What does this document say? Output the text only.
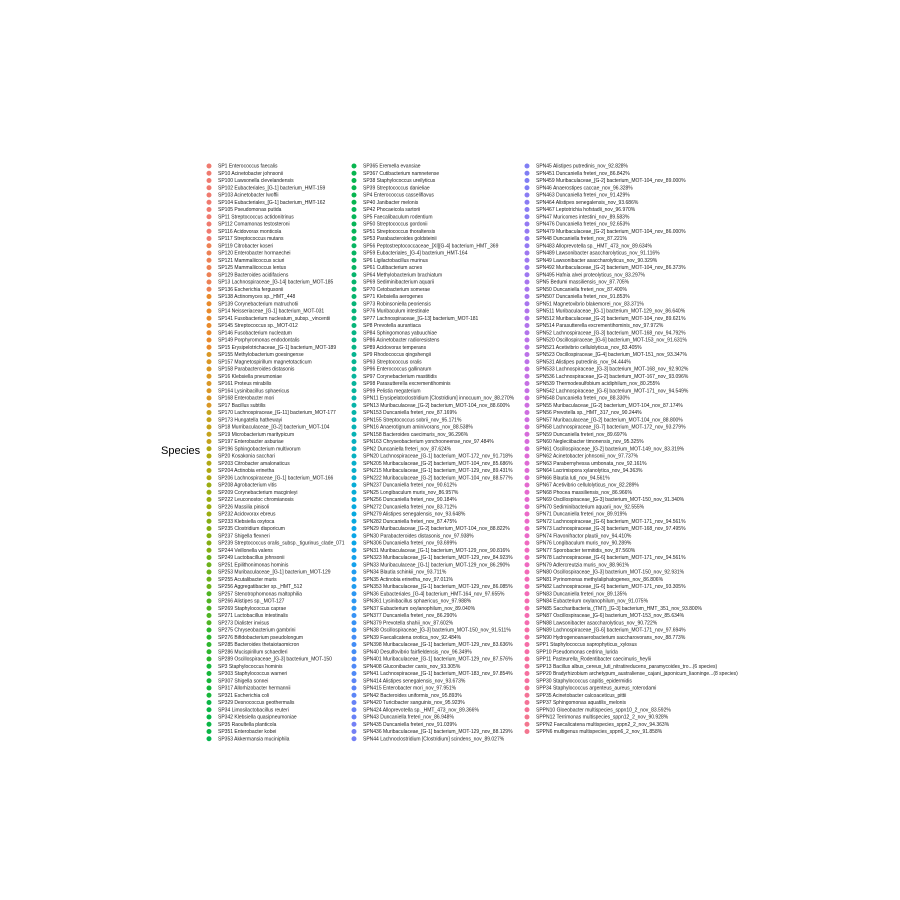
Species
SP1 Enterococcus faecalis
SP10 Acinetobacter johnsonii
SP100 Lawsonella clevelandensis
SP102 Eubacteriales_[G-1] bacterium_HMT-159
SP103 Acinetobacter lwoffii
SP104 Eubacteriales_[G-1] bacterium_HMT-162
SP105 Pseudomonas putida
SP11 Streptococcus actidonitrinus
SP112 Comamonas testosteroni
SP116 Acidovorax monticola
SP117 Streptococcus mutans
SP119 Citrobacter koseri
SP120 Enterobacter hormaechei
SP121 Mammaliicoccus sciuri
SP125 Mammaliicoccus lentus
SP129 Bacteroides acidifaciens
SP13 Lachnospiraceae_[G-14] bacterium_MOT-185
SP136 Escherichia fergusonii
SP138 Actinomyces sp._HMT_448
SP139 Corynebacterium matruchotii
SP14 Neisseriaceae_[G-1] bacterium_MOT-031
SP141 Fusobacterium nucleatum_subsp._vincentii
SP145 Streptococcus sp._MOT-012
SP146 Fusobacterium nucleatum
SP149 Porphyromonas endodontalis
SP15 Erysipelotrichaceae_[G-1] bacterium_MOT-189
SP155 Methylobacterium goesingense
SP157 Magnetospirillum magnetotacticum
SP158 Parabacteroides distasonis
SP16 Klebsiella pneumoniae
SP161 Proteus mirabilis
SP164 Lysinibacillus sphaericus
SP168 Enterobacter mori
SP17 Bacillus subtilis
SP170 Lachnospiraceae_[G-11] bacterium_MOT-177
SP173 Hungatella hathewayi
SP18 Murribaculaceae_[G-2] bacterium_MOT-104
SP19 Microbacterium maritypicum
SP197 Enterobacter asburiae
SP196 Sphingobacterium multivorum
SP20 Kosakonia sacchari
SP203 Citrobacter amalonaticus
SP204 Actinobia erinetha
SP206 Lachnospiraceae_[G-1] bacterium_MOT-166
SP208 Agrobacterium vitis
SP209 Corynebacterium macginleyi
SP222 Leuconostoc chromianosis
SP226 Massilia pinisoli
SP232 Acidovorax ebreus
SP233 Klebsiella oxytoca
SP235 Clostridium disporicum
SP237 Shigella flexneri
SP239 Streptococcus oralis_subsp._tigurinus_clade_071
SP244 Veillonella valens
SP249 Lactobacillus johnsonii
SP251 Epilithonimonas hominis
SP253 Muribaculaceae_[G-1] bacterium_MOT-129
SP255 Acutalibacter muris
SP256 Aggregatibacter sp._HMT_512
SP257 Stenotrophomonas maltophilia
SP266 Alistipes sp._MOT-127
SP269 Staphylococcus caprae
SP271 Lactobacillus intestinalis
SP273 Dialister invisus
SP275 Chryseobacterium gambrini
SP276 Bifidobacterium pseudolongum
SP285 Bacteroides thetaiotaomicron
SP286 Mucispirillum schaedleri
SP289 Oscillospiraceae_[G-3] bacterium_MOT-150
SP3 Staphylococcus hominis
SP303 Staphylococcus warneri
SP307 Shigella sonnei
SP317 Allorhizobacter hermannii
SP321 Escherichia coli
SP329 Desnococcus geothermalis
SP34 Limosilactobacillus reuteri
SP342 Klebsiella quasipneumoniae
SP35 Raoultella planticola
SP351 Enterobacter kobei
SP353 Akkermansia muciniphila
SP365 Eremella evansiae
SP367 Cutibacterium namnetense
SP38 Staphylococcus ureilyticus
SP39 Streptococcus danieliae
SP4 Enterococcus casseliflavus
SP40 Janibacter melonis
SP42 Phocaeicola sartorii
SP5 Faecalibaculum rodentium
SP50 Streptococcus gordonii
SP51 Streptococcus thoraltensis
SP53 Parabacteroides goldsteinii
SP56 Peptostreptococcaceae_[XI][G-4] bacterium_HMT_369
SP59 Eubacteriales_[G-4] bacterium_HMT-164
SP6 Ligilactobacillus murinus
SP61 Cutibacterium acnes
SP64 Methylobacterium brachiatum
SP69 Sediminibacterium aquarii
SP70 Cetobacterium somerae
SP71 Klebsiella aerogenes
SP73 Robinsoniella peoriensis
SP76 Muribaculum intestinale
SP77 Lachnospiraceae_[G-13] bacterium_MOT-181
SP8 Prevotella aurantiaca
SP84 Sphingomonas yabuuchiae
SP86 Acinetobacter radioresistens
SP89 Acidovorax temperans
SP9 Rhodococcus qingshengii
SP93 Streptococcus oralis
SP96 Enterococcus gallinarum
SP97 Corynebacterium mastitidis
SP98 Parasutterella excrementihominis
SP99 Pelistia megaterium
SPN11 Erysipelatoclostridium [Clostridium] innocuum_nov_88.270%
SPN13 Muribaculaceae_[G-2] bacterium_MOT-104_nov_88.600%
SPN153 Duncaniella freteri_nov_87.169%
SPN155 Streptococcus sobrii_nov_95.171%
SPN16 Anaerotignum aminivorans_nov_88.538%
SPN158 Bacteroides caecimuris_nov_96.296%
SPN163 Chryseobacterium yonchooneense_nov_97.484%
SPN2 Duncaniella freteri_nov_87.624%
SPN20 Lachnospiraceae_[G-1] bacterium_MOT-172_nov_91.718%
SPN205 Muribaculaceae_[G-2] bacterium_MOT-104_nov_85.686%
SPN215 Muribaculaceae_[G-1] bacterium_MOT-129_nov_89.431%
SPN222 Muribaculaceae_[G-2] bacterium_MOT-104_nov_88.577%
SPN237 Duncaniella freteri_nov_90.612%
SPN25 Longibaculum muris_nov_86.957%
SPN256 Duncaniella freteri_nov_90.184%
SPN272 Duncaniella freteri_nov_83.712%
SPN279 Alistipes senegalensis_nov_93.648%
SPN282 Duncaniella freteri_nov_87.475%
SPN29 Muribaculaceae_[G-2] bacterium_MOT-104_nov_88.822%
SPN30 Parabacteroides distasonis_nov_97.938%
SPN306 Duncaniella freteri_nov_93.699%
SPN31 Muribaculaceae_[G-1] bacterium_MOT-129_nov_90.816%
SPN323 Muribaculaceae_[G-1] bacterium_MOT-129_nov_84.923%
SPN33 Muribaculaceae_[G-1] bacterium_MOT-129_nov_86.290%
SPN34 Blautia schinkii_nov_93.711%
SPN35 Actinobia erinetha_nov_97.011%
SPN353 Muribaculaceae_[G-1] bacterium_MOT-129_nov_86.085%
SPN36 Eubacteriales_[G-4] bacterium_HMT-164_nov_97.655%
SPN361 Lysinibacillus sphaericus_nov_97.988%
SPN37 Eubacterium oxylanophilum_nov_89.040%
SPN377 Duncaniella freteri_nov_86.290%
SPN379 Prevotella shahii_nov_87.602%
SPN38 Oscillospiraceae_[G-3] bacterium_MOT-150_nov_91.511%
SPN39 Faecalicatena orotica_nov_92.484%
SPN398 Muribaculaceae_[G-1] bacterium_MOT-129_nov_83.636%
SPN40 Desulfovibrio fairfieldensis_nov_96.349%
SPN401 Muribaculaceae_[G-1] bacterium_MOT-129_nov_87.576%
SPN408 Gluconibacter canis_nov_93.305%
SPN41 Lachnospiraceae_[G-1] bacterium_MOT-183_nov_97.854%
SPN414 Alistipes senegalensis_nov_93.673%
SPN415 Enterobacter mori_nov_97.951%
SPN42 Bacteroides uniformis_nov_95.893%
SPN420 Turicibacter sanguinis_nov_95.923%
SPN424 Alloprevotella sp._HMT_473_nov_89.366%
SPN43 Duncaniella freteri_nov_86.948%
SPN435 Duncaniella freteri_nov_91.039%
SPN436 Muribaculaceae_[G-1] bacterium_MOT-129_nov_88.129%
SPN44 Lachnoclostridium [Clostridium] scindens_nov_89.027%
SPN45 Alistipes putredinis_nov_92.828%
SPN451 Duncaniella freteri_nov_86.842%
SPN459 Muribaculaceae_[G-2] bacterium_MOT-104_nov_89.000%
SPN46 Anaerostipes caccae_nov_96.328%
SPN463 Duncaniella freteri_nov_91.429%
SPN464 Alistipes senegalensis_nov_93.686%
SPN467 Leptotrichia hofstadii_nov_96.970%
SPN47 Muricomes intestini_nov_89.583%
SPN476 Duncaniella freteri_nov_92.653%
SPN479 Muribaculaceae_[G-2] bacterium_MOT-104_nov_86.000%
SPN48 Duncaniella freteri_nov_87.221%
SPN483 Alloprevotella sp._HMT_473_nov_89.634%
SPN489 Lawsonibacter asaccharolyticus_nov_91.116%
SPN49 Lawsonibacter asaccharolyticus_nov_90.329%
SPN492 Muribaculaceae_[G-2] bacterium_MOT-104_nov_86.373%
SPN495 Hafnia alvei proteolyticus_nov_83.297%
SPN5 Bedumi massiliensis_nov_87.705%
SPN50 Duncaniella freteri_nov_87.400%
SPN507 Duncaniella freteri_nov_91.853%
SPN51 Magnetovibrio blakemorei_nov_83.371%
SPN511 Muribaculaceae_[G-1] bacterium_MOT-129_nov_86.640%
SPN512 Muribaculaceae_[G-2] bacterium_MOT-104_nov_89.621%
SPN514 Parasutterella excrementihominis_nov_97.972%
SPN52 Lachnospiraceae_[G-3] bacterium_MOT-168_nov_94.792%
SPN520 Oscillospiraceae_[G-6] bacterium_MOT-153_nov_91.631%
SPN521 Acetivibrio cellulolyticus_nov_83.405%
SPN523 Oscillospiraceae_[G-4] bacterium_MOT-151_nov_93.347%
SPN531 Alistipes putredinis_nov_94.444%
SPN533 Lachnospiraceae_[G-3] bacterium_MOT-168_nov_92.902%
SPN536 Lachnospiraceae_[G-2] bacterium_MOT-167_nov_93.096%
SPN539 Thermodesulfobium acidiphilum_nov_80.255%
SPN542 Lachnospiraceae_[G-6] bacterium_MOT-171_nov_94.549%
SPN548 Duncaniella freteri_nov_88.330%
SPN55 Muribaculaceae_[G-2] bacterium_MOT-104_nov_87.174%
SPN56 Prevotella sp._HMT_317_nov_90.244%
SPN57 Muribaculaceae_[G-2] bacterium_MOT-104_nov_88.800%
SPN58 Lachnospiraceae_[G-7] bacterium_MOT-172_nov_93.279%
SPN59 Duncaniella freteri_nov_89.697%
SPN60 Negleciibacter timonensis_nov_95.325%
SPN61 Oscillospiraceae_[G-2] bacterium_MOT-149_nov_83.319%
SPN62 Acinetobacter johnsonii_nov_97.737%
SPN63 Parabernyhessa umbonata_nov_92.161%
SPN64 Lacrimispora xylanolytica_nov_94.363%
SPN66 Blautia luti_nov_94.561%
SPN67 Acetivibrio cellulolyticus_nov_82.289%
SPN68 Phocea massiliensis_nov_86.966%
SPN69 Oscillospiraceae_[G-3] bacterium_MOT-150_nov_91.340%
SPN70 Sediminibacterium aquarii_nov_92.555%
SPN71 Duncaniella freteri_nov_89.919%
SPN72 Lachnospiraceae_[G-6] bacterium_MOT-171_nov_94.561%
SPN73 Lachnospiraceae_[G-3] bacterium_MOT-168_nov_97.495%
SPN74 Flavonifractor plautii_nov_94.410%
SPN76 Longibaculum muris_nov_90.289%
SPN77 Sporobacter termitidis_nov_87.560%
SPN78 Lachnospiraceae_[G-6] bacterium_MOT-171_nov_94.561%
SPN79 Adlercreutzia muris_nov_88.961%
SPN80 Oscillospiraceae_[G-3] bacterium_MOT-150_nov_92.931%
SPN81 Pyrinomonas methylaliphatogenes_nov_86.806%
SPN82 Lachnospiraceae_[G-6] bacterium_MOT-171_nov_93.305%
SPN83 Duncaniella freteri_nov_89.135%
SPN84 Eubacterium oxylanophilum_nov_91.075%
SPN85 Saccharibacteria_(TM7)_[G-3] bacterium_HMT_351_nov_93.800%
SPN87 Oscillospiraceae_[G-6] bacterium_MOT-153_nov_85.634%
SPN88 Lawsonibacter asaccharolyticus_nov_90.722%
SPN89 Lachnospiraceae_[G-6] bacterium_MOT-171_nov_97.694%
SPN90 Hydrogenoanaerobacterium saccharovorans_nov_88.773%
SPP1 Staphylococcus saprophyticus_xylosus
SPP10 Pseudomonas cedrina_lurida
SPP11 Pasteurella_Rodentibacter caecimuris_heylii
SPP13 Bacillus albus_cereus_luti_nitratireducens_paramycoides_tro...(6 species)
SPP20 Bradyrhizobium archetypum_australiense_cajani_japonicum_liaoninge...(8 species)
SPP30 Staphylococcus capitis_epidermidis
SPP34 Staphylococcus argenteus_aureus_roterodami
SPP35 Acinetobacter calcoaceticus_pittii
SPP37 Sphingomonas aquatilis_melonis
SPPN10 Gloeobacter multispecies_sppn10_2_nov_83.592%
SPPN12 Terrimonas multispecies_sppn12_2_nov_90.928%
SPPN2 Faecalicatena multispecies_sppn2_2_nov_94.363%
SPPN6 multigenus multispecies_sppn6_2_nov_91.858%
